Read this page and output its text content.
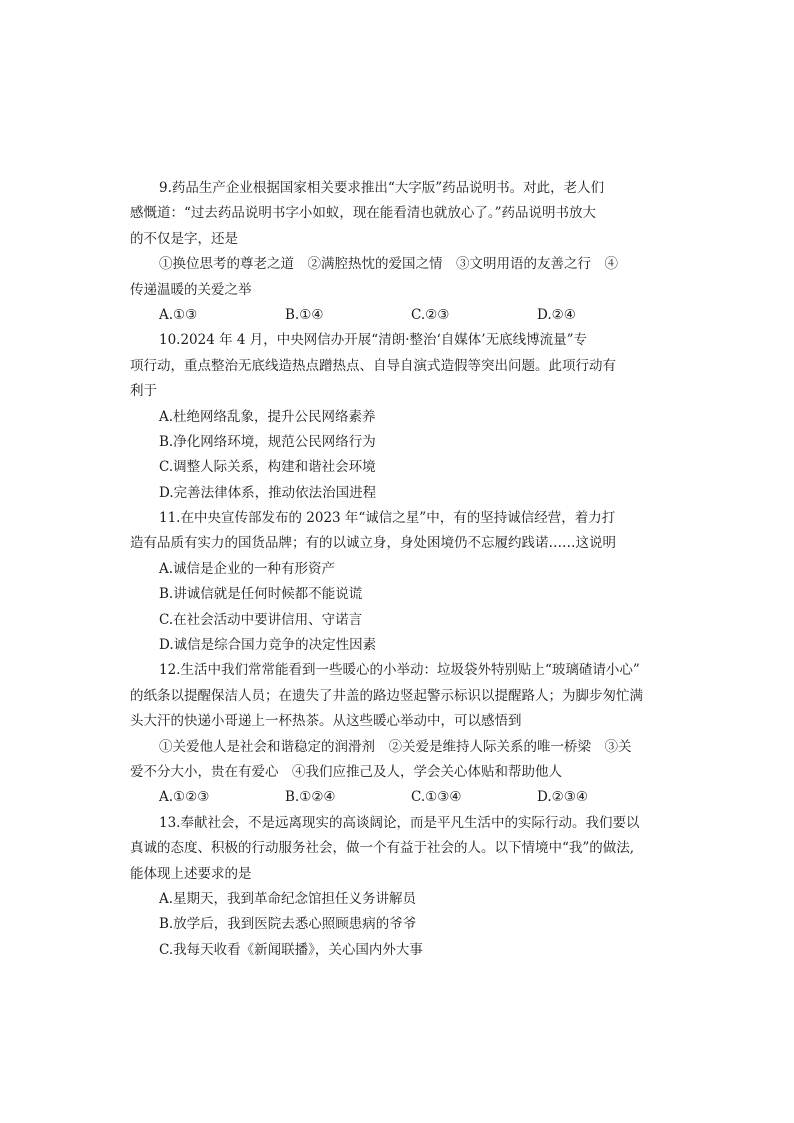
9.药品生产企业根据国家相关要求推出“大字版”药品说明书。对此，老人们
感慨道：“过去药品说明书字小如蚁，现在能看清也就放心了。”药品说明书放大
的不仅是字，还是
①换位思考的尊老之道　②满腔热忱的爱国之情　③文明用语的友善之行　④
传递温暖的关爱之举
A.①③	B.①④	C.②③	D.②④
10.2024 年 4 月，中央网信办开展“清朗·整治‘自媒体’无底线博流量”专
项行动，重点整治无底线造热点蹭热点、自导自演式造假等突出问题。此项行动有
利于
A.杜绝网络乱象，提升公民网络素养
B.净化网络环境，规范公民网络行为
C.调整人际关系，构建和谐社会环境
D.完善法律体系，推动依法治国进程
11.在中央宣传部发布的 2023 年“诚信之星”中，有的坚持诚信经营，着力打
造有品质有实力的国货品牌；有的以诚立身，身处困境仍不忘履约践诺……这说明
A.诚信是企业的一种有形资产
B.讲诚信就是任何时候都不能说谎
C.在社会活动中要讲信用、守诺言
D.诚信是综合国力竞争的决定性因素
12.生活中我们常常能看到一些暖心的小举动：垃圾袋外特别贴上“玻璃碴请小心”
的纸条以提醒保洁人员；在遗失了井盖的路边竖起警示标识以提醒路人；为脚步匆忙满
头大汗的快递小哥递上一杯热茶。从这些暖心举动中，可以感悟到
①关爱他人是社会和谐稳定的润滑剂　②关爱是维持人际关系的唯一桥梁　③关
爱不分大小，贵在有爱心　④我们应推己及人，学会关心体贴和帮助他人
A.①②③	B.①②④	C.①③④	D.②③④
13.奉献社会，不是远离现实的高谈阔论，而是平凡生活中的实际行动。我们要以
真诚的态度、积极的行动服务社会，做一个有益于社会的人。以下情境中“我”的做法,
能体现上述要求的是
A.星期天，我到革命纪念馆担任义务讲解员
B.放学后，我到医院去悉心照顾患病的爷爷
C.我每天收看《新闻联播》，关心国内外大事
